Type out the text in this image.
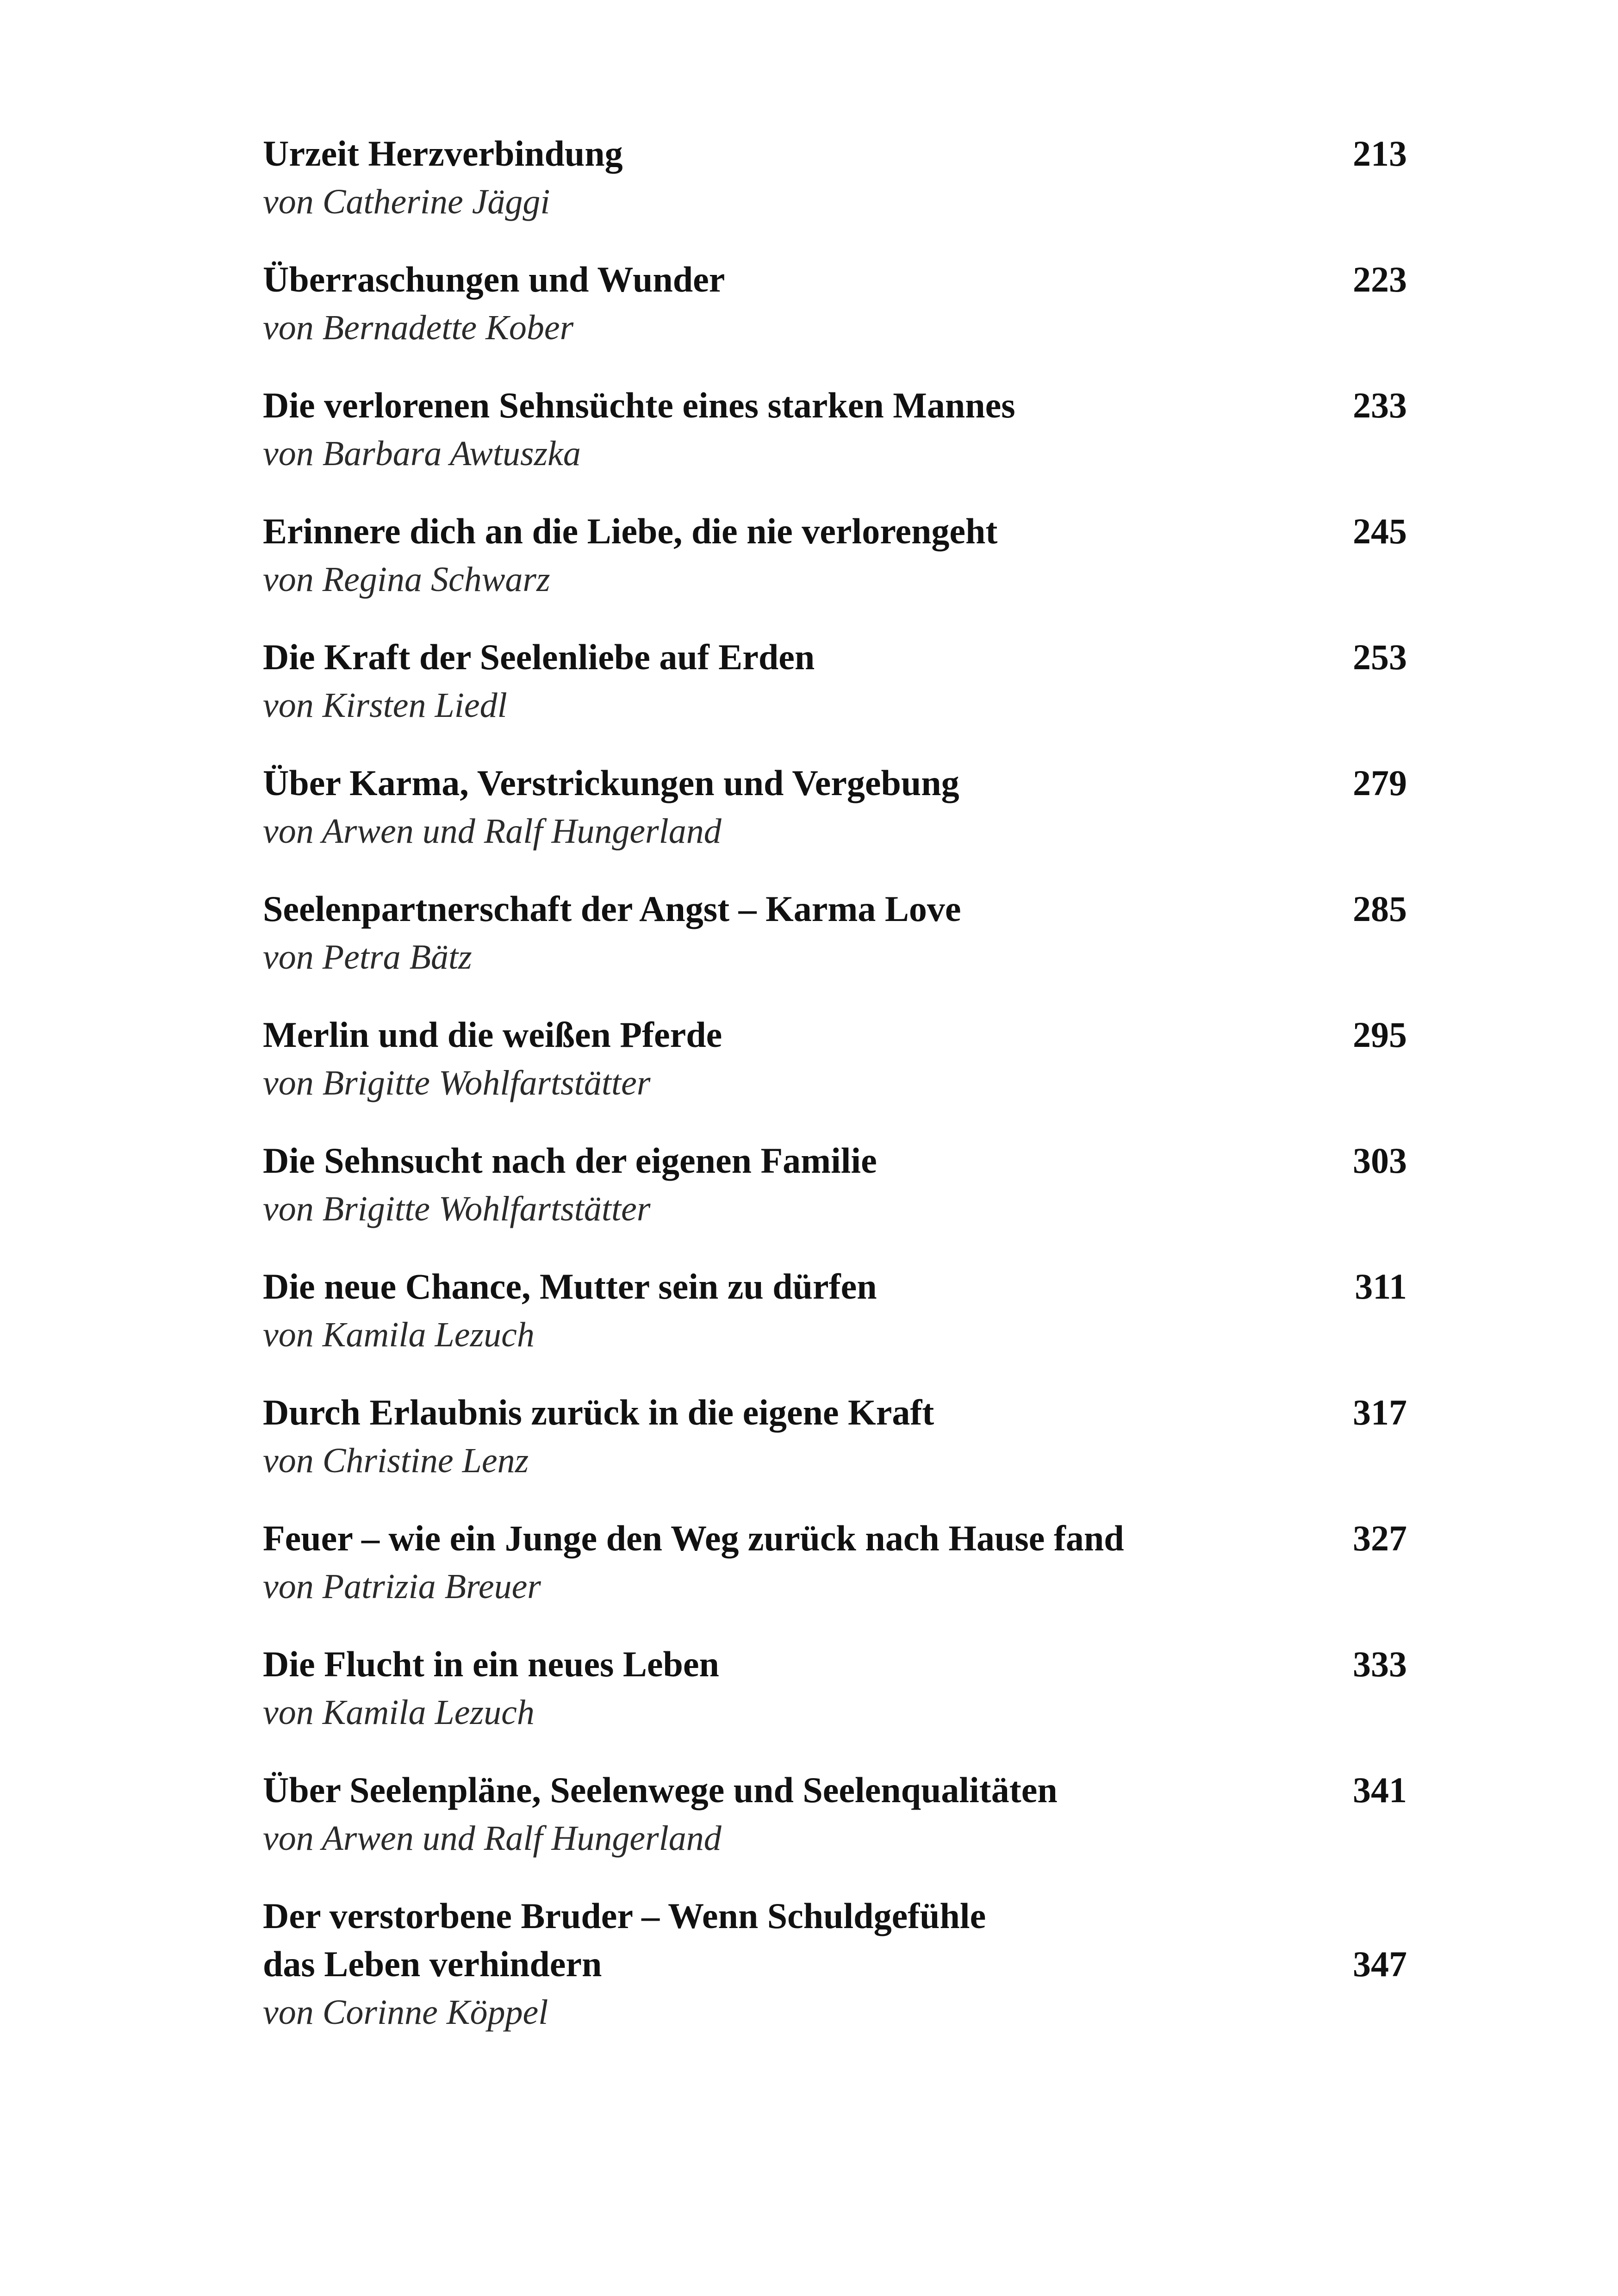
Urzeit Herzverbindung	213
von Catherine Jäggi
Überraschungen und Wunder	223
von Bernadette Kober
Die verlorenen Sehnsüchte eines starken Mannes	233
von Barbara Awtuszka
Erinnere dich an die Liebe, die nie verlorengeht	245
von Regina Schwarz
Die Kraft der Seelenliebe auf Erden	253
von Kirsten Liedl
Über Karma, Verstrickungen und Vergebung	279
von Arwen und Ralf Hungerland
Seelenpartnerschaft der Angst – Karma Love	285
von Petra Bätz
Merlin und die weißen Pferde	295
von Brigitte Wohlfartstätter
Die Sehnsucht nach der eigenen Familie	303
von Brigitte Wohlfartstätter
Die neue Chance, Mutter sein zu dürfen	311
von Kamila Lezuch
Durch Erlaubnis zurück in die eigene Kraft	317
von Christine Lenz
Feuer – wie ein Junge den Weg zurück nach Hause fand	327
von Patrizia Breuer
Die Flucht in ein neues Leben	333
von Kamila Lezuch
Über Seelenpläne, Seelenwege und Seelenqualitäten	341
von Arwen und Ralf Hungerland
Der verstorbene Bruder – Wenn Schuldgefühle
das Leben verhindern	347
von Corinne Köppel
